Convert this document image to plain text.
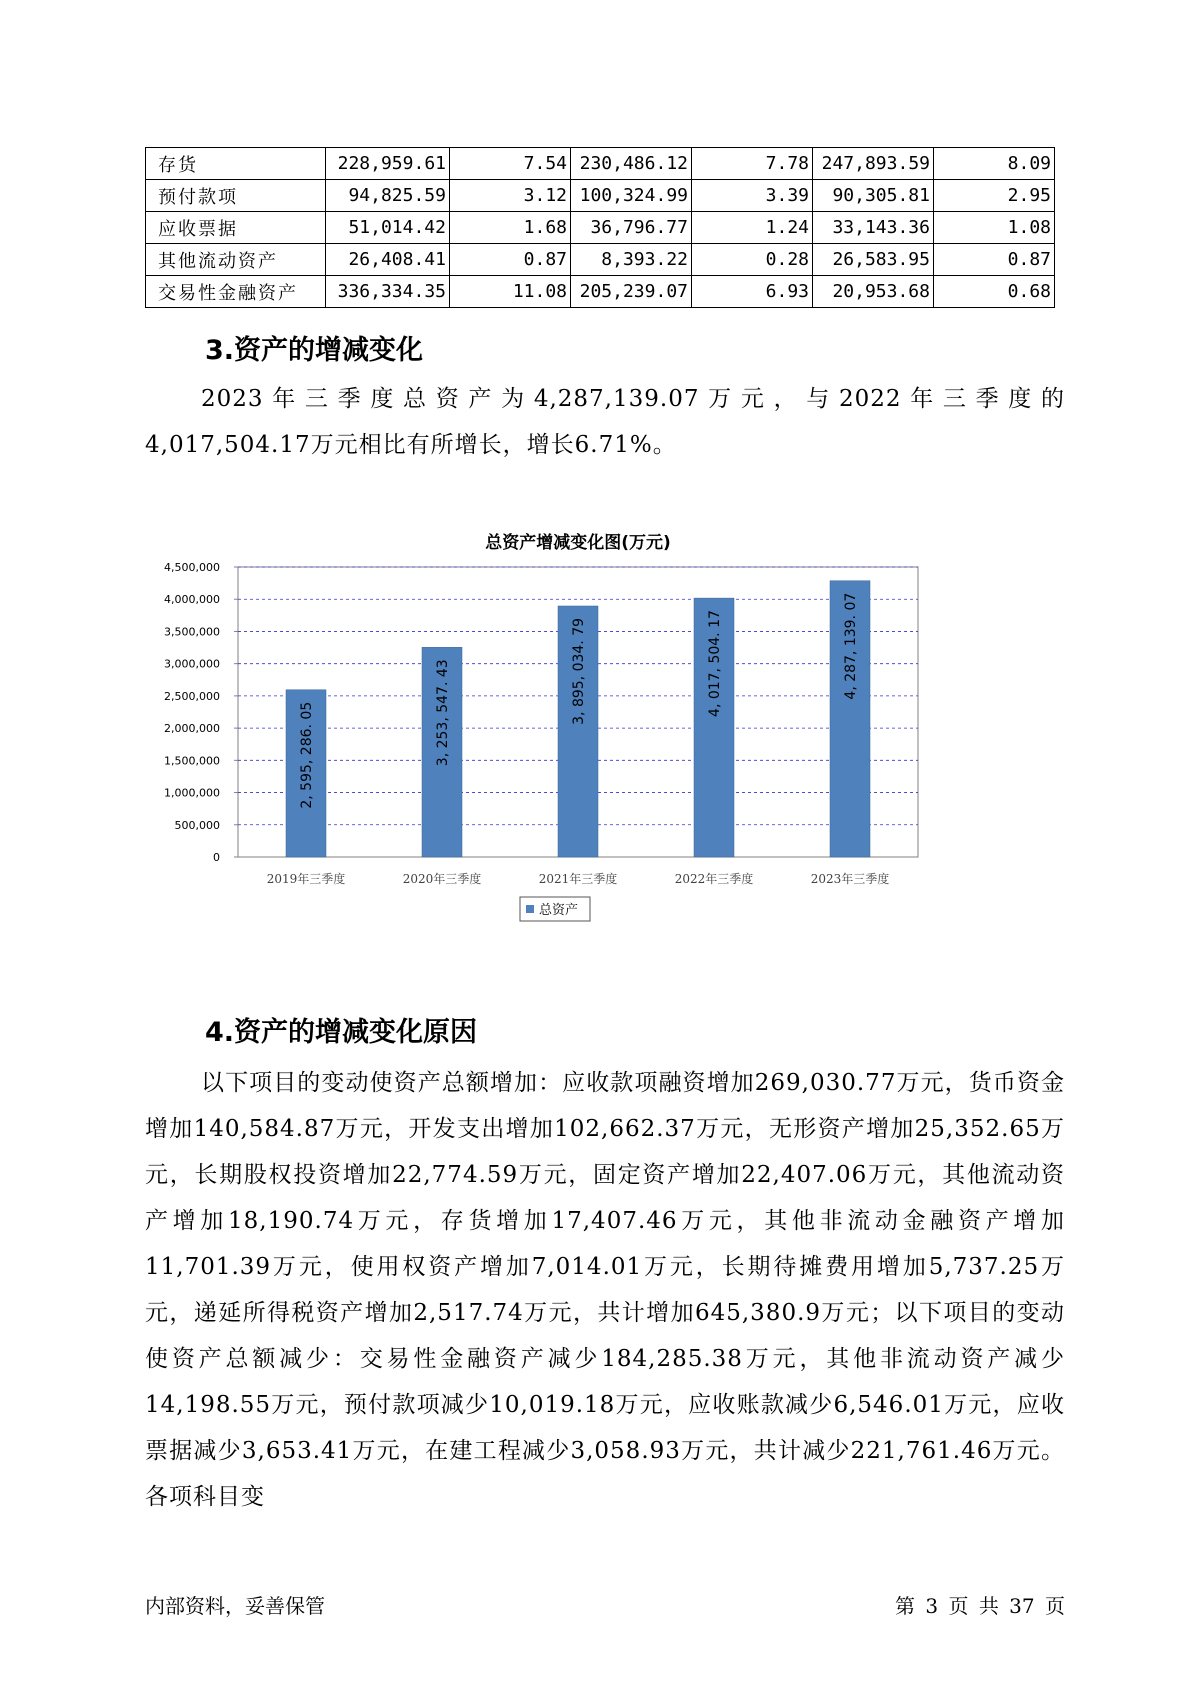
存货	228,959.61	7.54	230,486.12	7.78	247,893.59	8.09
预付款项	94,825.59	3.12	100,324.99	3.39	90,305.81	2.95
应收票据	51,014.42	1.68	36,796.77	1.24	33,143.36	1.08
其他流动资产	26,408.41	0.87	8,393.22	0.28	26,583.95	0.87
交易性金融资产	336,334.35	11.08	205,239.07	6.93	20,953.68	0.68
3.资产的增减变化

2023年三季度总资产为4,287,139.07万元，与2022年三季度的4,017,504.17万元相比有所增长，增长6.71%。

总资产增减变化图(万元)
0
500,000
1,000,000
1,500,000
2,000,000
2,500,000
3,000,000
3,500,000
4,000,000
4,500,000
2, 595, 286. 05
2019年三季度
3, 253, 547. 43
2020年三季度
3, 895, 034. 79
2021年三季度
4, 017, 504. 17
2022年三季度
4, 287, 139. 07
2023年三季度
总资产
4.资产的增减变化原因

以下项目的变动使资产总额增加：应收款项融资增加269,030.77万元，货币资金增加140,584.87万元，开发支出增加102,662.37万元，无形资产增加25,352.65万元，长期股权投资增加22,774.59万元，固定资产增加22,407.06万元，其他流动资产增加18,190.74万元，存货增加17,407.46万元，其他非流动金融资产增加11,701.39万元，使用权资产增加7,014.01万元，长期待摊费用增加5,737.25万元，递延所得税资产增加2,517.74万元，共计增加645,380.9万元；以下项目的变动使资产总额减少：交易性金融资产减少184,285.38万元，其他非流动资产减少14,198.55万元，预付款项减少10,019.18万元，应收账款减少6,546.01万元，应收票据减少3,653.41万元，在建工程减少3,058.93万元，共计减少221,761.46万元。各项科目变

内部资料，妥善保管	第 3 页 共 37 页
